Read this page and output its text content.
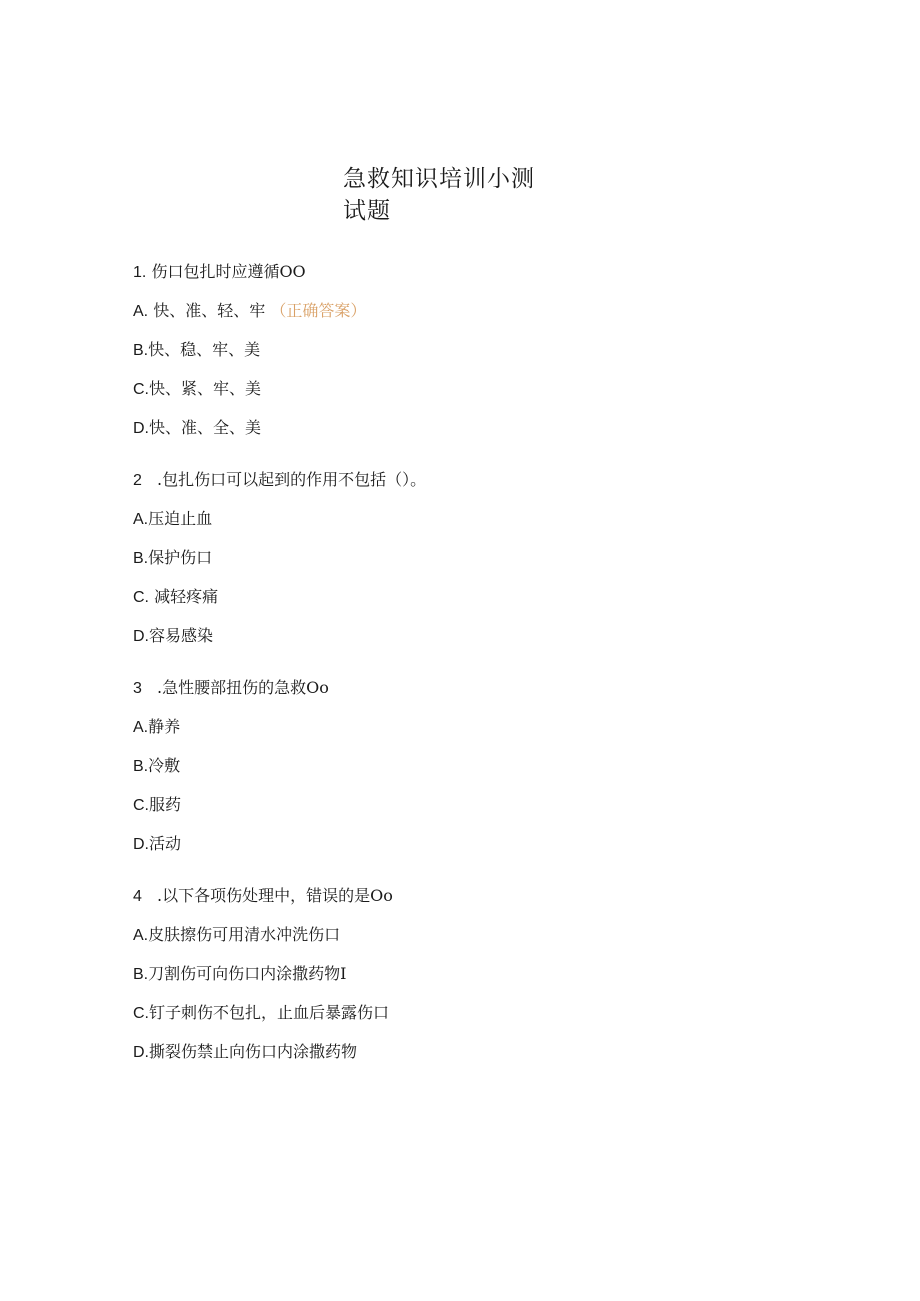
急救知识培训小测
试题
1. 伤口包扎时应遵循OO
A. 快、准、轻、牢 （正确答案）
B.快、稳、牢、美
C.快、紧、牢、美
D.快、准、全、美
2 .包扎伤口可以起到的作用不包括（）。
A.压迫止血
B.保护伤口
C. 减轻疼痛
D.容易感染
3 .急性腰部扭伤的急救Oo
A.静养
B.冷敷
C.服药
D.活动
4 .以下各项伤处理中，错误的是Oo
A.皮肤擦伤可用清水冲洗伤口
B.刀割伤可向伤口内涂撒药物I
C.钉子刺伤不包扎，止血后暴露伤口
D.撕裂伤禁止向伤口内涂撒药物
